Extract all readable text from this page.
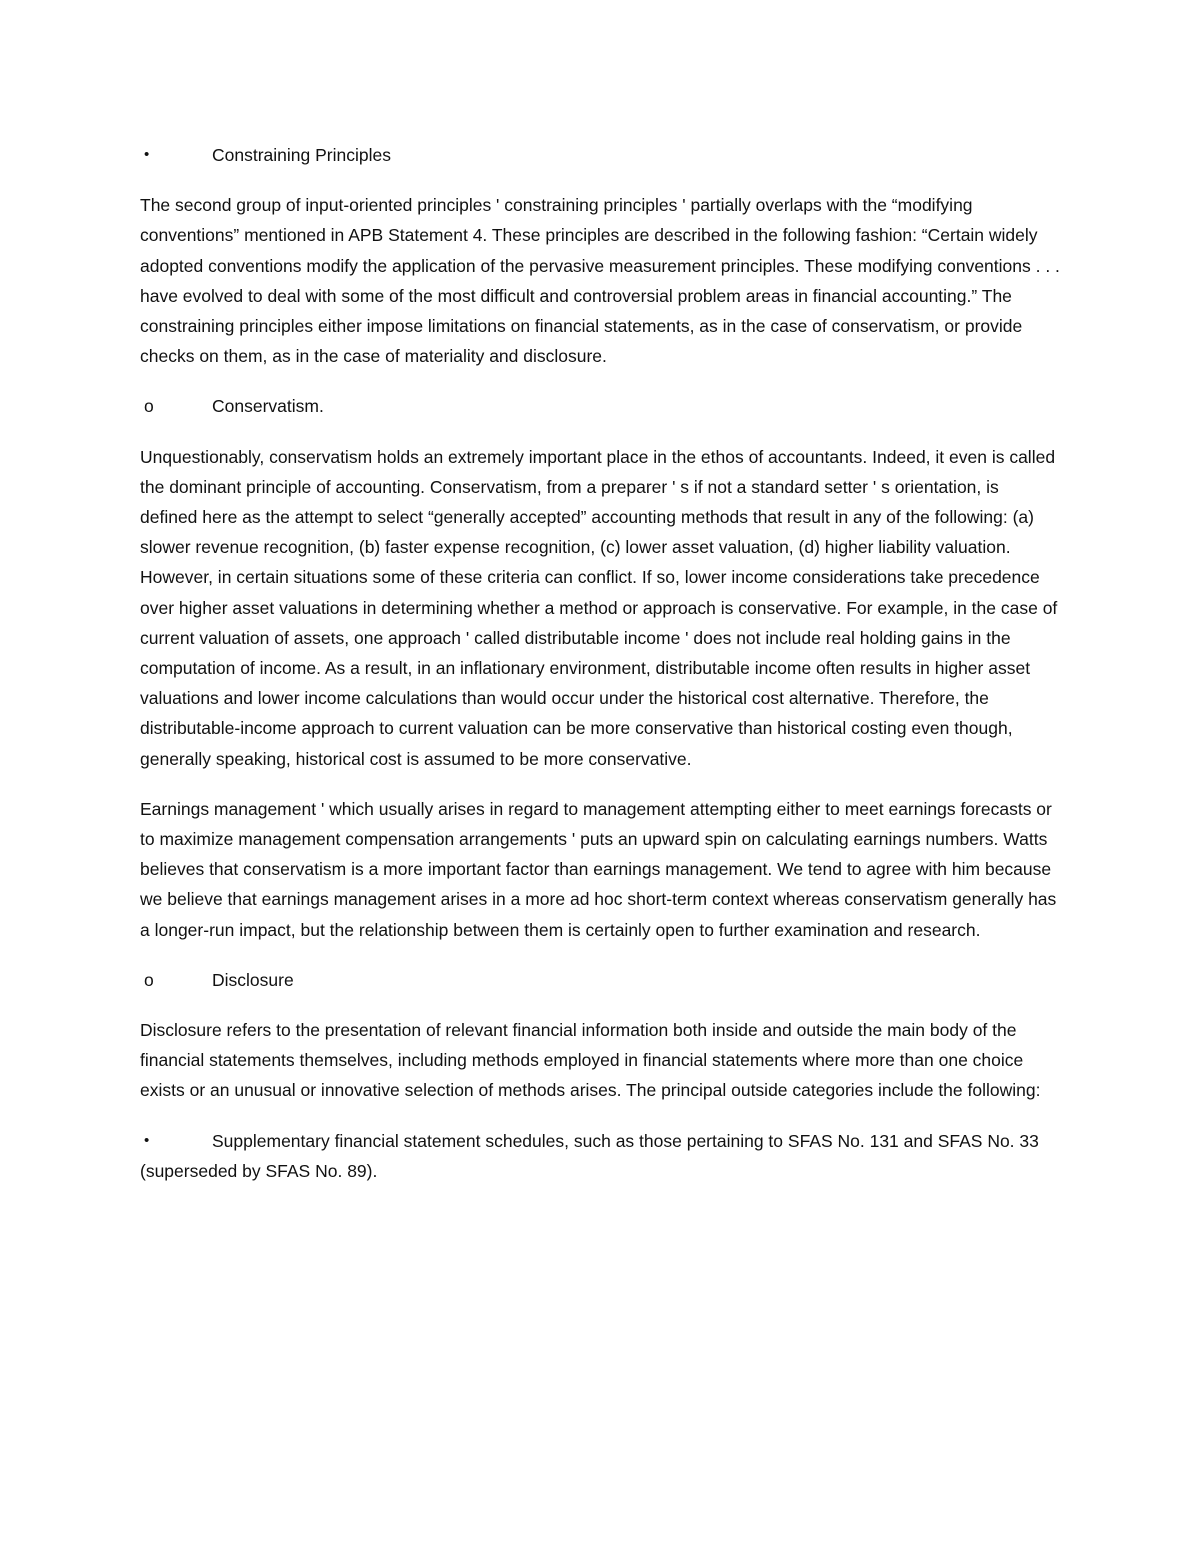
•	Constraining Principles

The second group of input-oriented principles ' constraining principles ' partially overlaps with the “modifying conventions” mentioned in APB Statement 4. These principles are described in the following fashion: “Certain widely adopted conventions modify the application of the pervasive measurement principles. These modifying conventions . . . have evolved to deal with some of the most difficult and controversial problem areas in financial accounting.” The constraining principles either impose limitations on financial statements, as in the case of conservatism, or provide checks on them, as in the case of materiality and disclosure.

o	Conservatism.

Unquestionably, conservatism holds an extremely important place in the ethos of accountants. Indeed, it even is called the dominant principle of accounting. Conservatism, from a preparer ' s if not a standard setter ' s orientation, is defined here as the attempt to select “generally accepted” accounting methods that result in any of the following: (a) slower revenue recognition, (b) faster expense recognition, (c) lower asset valuation, (d) higher liability valuation. However, in certain situations some of these criteria can conflict. If so, lower income considerations take precedence over higher asset valuations in determining whether a method or approach is conservative. For example, in the case of current valuation of assets, one approach ' called distributable income ' does not include real holding gains in the computation of income. As a result, in an inflationary environment, distributable income often results in higher asset valuations and lower income calculations than would occur under the historical cost alternative. Therefore, the distributable-income approach to current valuation can be more conservative than historical costing even though, generally speaking, historical cost is assumed to be more conservative.

Earnings management ' which usually arises in regard to management attempting either to meet earnings forecasts or to maximize management compensation arrangements ' puts an upward spin on calculating earnings numbers. Watts believes that conservatism is a more important factor than earnings management. We tend to agree with him because we believe that earnings management arises in a more ad hoc short-term context whereas conservatism generally has a longer-run impact, but the relationship between them is certainly open to further examination and research.

o	Disclosure

Disclosure refers to the presentation of relevant financial information both inside and outside the main body of the financial statements themselves, including methods employed in financial statements where more than one choice exists or an unusual or innovative selection of methods arises. The principal outside categories include the following:

•	Supplementary financial statement schedules, such as those pertaining to SFAS No. 131 and SFAS No. 33 (superseded by SFAS No. 89).
